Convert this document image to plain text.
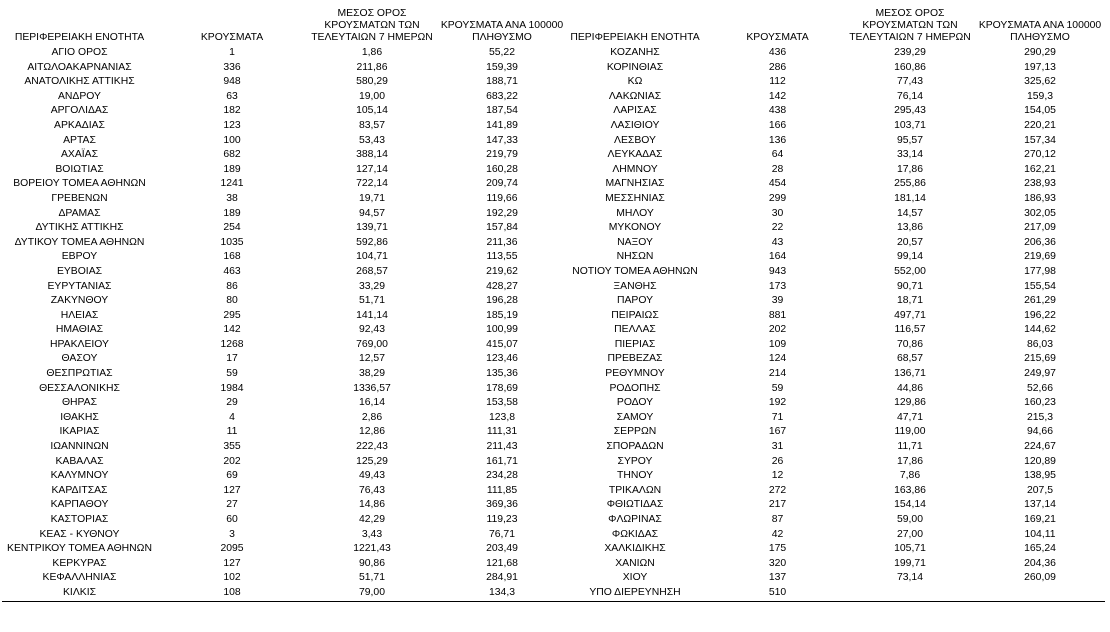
ΠΕΡΙΦΕΡΕΙΑΚΗ ΕΝΟΤΗΤΑ	ΚΡΟΥΣΜΑΤΑ	ΜΕΣΟΣ ΟΡΟΣ
ΚΡΟΥΣΜΑΤΩΝ ΤΩΝ
ΤΕΛΕΥΤΑΙΩΝ 7 ΗΜΕΡΩΝ	ΚΡΟΥΣΜΑΤΑ ΑΝΑ 100000
ΠΛΗΘΥΣΜΟ
ΑΓΙΟ ΟΡΟΣ	1	1,86	55,22
ΑΙΤΩΛΟΑΚΑΡΝΑΝΙΑΣ	336	211,86	159,39
ΑΝΑΤΟΛΙΚΗΣ ΑΤΤΙΚΗΣ	948	580,29	188,71
ΑΝΔΡΟΥ	63	19,00	683,22
ΑΡΓΟΛΙΔΑΣ	182	105,14	187,54
ΑΡΚΑΔΙΑΣ	123	83,57	141,89
ΑΡΤΑΣ	100	53,43	147,33
ΑΧΑΪΑΣ	682	388,14	219,79
ΒΟΙΩΤΙΑΣ	189	127,14	160,28
ΒΟΡΕΙΟΥ ΤΟΜΕΑ ΑΘΗΝΩΝ	1241	722,14	209,74
ΓΡΕΒΕΝΩΝ	38	19,71	119,66
ΔΡΑΜΑΣ	189	94,57	192,29
ΔΥΤΙΚΗΣ ΑΤΤΙΚΗΣ	254	139,71	157,84
ΔΥΤΙΚΟΥ ΤΟΜΕΑ ΑΘΗΝΩΝ	1035	592,86	211,36
ΕΒΡΟΥ	168	104,71	113,55
ΕΥΒΟΙΑΣ	463	268,57	219,62
ΕΥΡΥΤΑΝΙΑΣ	86	33,29	428,27
ΖΑΚΥΝΘΟΥ	80	51,71	196,28
ΗΛΕΙΑΣ	295	141,14	185,19
ΗΜΑΘΙΑΣ	142	92,43	100,99
ΗΡΑΚΛΕΙΟΥ	1268	769,00	415,07
ΘΑΣΟΥ	17	12,57	123,46
ΘΕΣΠΡΩΤΙΑΣ	59	38,29	135,36
ΘΕΣΣΑΛΟΝΙΚΗΣ	1984	1336,57	178,69
ΘΗΡΑΣ	29	16,14	153,58
ΙΘΑΚΗΣ	4	2,86	123,8
ΙΚΑΡΙΑΣ	11	12,86	111,31
ΙΩΑΝΝΙΝΩΝ	355	222,43	211,43
ΚΑΒΑΛΑΣ	202	125,29	161,71
ΚΑΛΥΜΝΟΥ	69	49,43	234,28
ΚΑΡΔΙΤΣΑΣ	127	76,43	111,85
ΚΑΡΠΑΘΟΥ	27	14,86	369,36
ΚΑΣΤΟΡΙΑΣ	60	42,29	119,23
ΚΕΑΣ - ΚΥΘΝΟΥ	3	3,43	76,71
ΚΕΝΤΡΙΚΟΥ ΤΟΜΕΑ ΑΘΗΝΩΝ	2095	1221,43	203,49
ΚΕΡΚΥΡΑΣ	127	90,86	121,68
ΚΕΦΑΛΛΗΝΙΑΣ	102	51,71	284,91
ΚΙΛΚΙΣ	108	79,00	134,3
ΠΕΡΙΦΕΡΕΙΑΚΗ ΕΝΟΤΗΤΑ	ΚΡΟΥΣΜΑΤΑ	ΜΕΣΟΣ ΟΡΟΣ
ΚΡΟΥΣΜΑΤΩΝ ΤΩΝ
ΤΕΛΕΥΤΑΙΩΝ 7 ΗΜΕΡΩΝ	ΚΡΟΥΣΜΑΤΑ ΑΝΑ 100000
ΠΛΗΘΥΣΜΟ
ΚΟΖΑΝΗΣ	436	239,29	290,29
ΚΟΡΙΝΘΙΑΣ	286	160,86	197,13
ΚΩ	112	77,43	325,62
ΛΑΚΩΝΙΑΣ	142	76,14	159,3
ΛΑΡΙΣΑΣ	438	295,43	154,05
ΛΑΣΙΘΙΟΥ	166	103,71	220,21
ΛΕΣΒΟΥ	136	95,57	157,34
ΛΕΥΚΑΔΑΣ	64	33,14	270,12
ΛΗΜΝΟΥ	28	17,86	162,21
ΜΑΓΝΗΣΙΑΣ	454	255,86	238,93
ΜΕΣΣΗΝΙΑΣ	299	181,14	186,93
ΜΗΛΟΥ	30	14,57	302,05
ΜΥΚΟΝΟΥ	22	13,86	217,09
ΝΑΞΟΥ	43	20,57	206,36
ΝΗΣΩΝ	164	99,14	219,69
ΝΟΤΙΟΥ ΤΟΜΕΑ ΑΘΗΝΩΝ	943	552,00	177,98
ΞΑΝΘΗΣ	173	90,71	155,54
ΠΑΡΟΥ	39	18,71	261,29
ΠΕΙΡΑΙΩΣ	881	497,71	196,22
ΠΕΛΛΑΣ	202	116,57	144,62
ΠΙΕΡΙΑΣ	109	70,86	86,03
ΠΡΕΒΕΖΑΣ	124	68,57	215,69
ΡΕΘΥΜΝΟΥ	214	136,71	249,97
ΡΟΔΟΠΗΣ	59	44,86	52,66
ΡΟΔΟΥ	192	129,86	160,23
ΣΑΜΟΥ	71	47,71	215,3
ΣΕΡΡΩΝ	167	119,00	94,66
ΣΠΟΡΑΔΩΝ	31	11,71	224,67
ΣΥΡΟΥ	26	17,86	120,89
ΤΗΝΟΥ	12	7,86	138,95
ΤΡΙΚΑΛΩΝ	272	163,86	207,5
ΦΘΙΩΤΙΔΑΣ	217	154,14	137,14
ΦΛΩΡΙΝΑΣ	87	59,00	169,21
ΦΩΚΙΔΑΣ	42	27,00	104,11
ΧΑΛΚΙΔΙΚΗΣ	175	105,71	165,24
ΧΑΝΙΩΝ	320	199,71	204,36
ΧΙΟΥ	137	73,14	260,09
ΥΠΟ ΔΙΕΡΕΥΝΗΣΗ	510		
